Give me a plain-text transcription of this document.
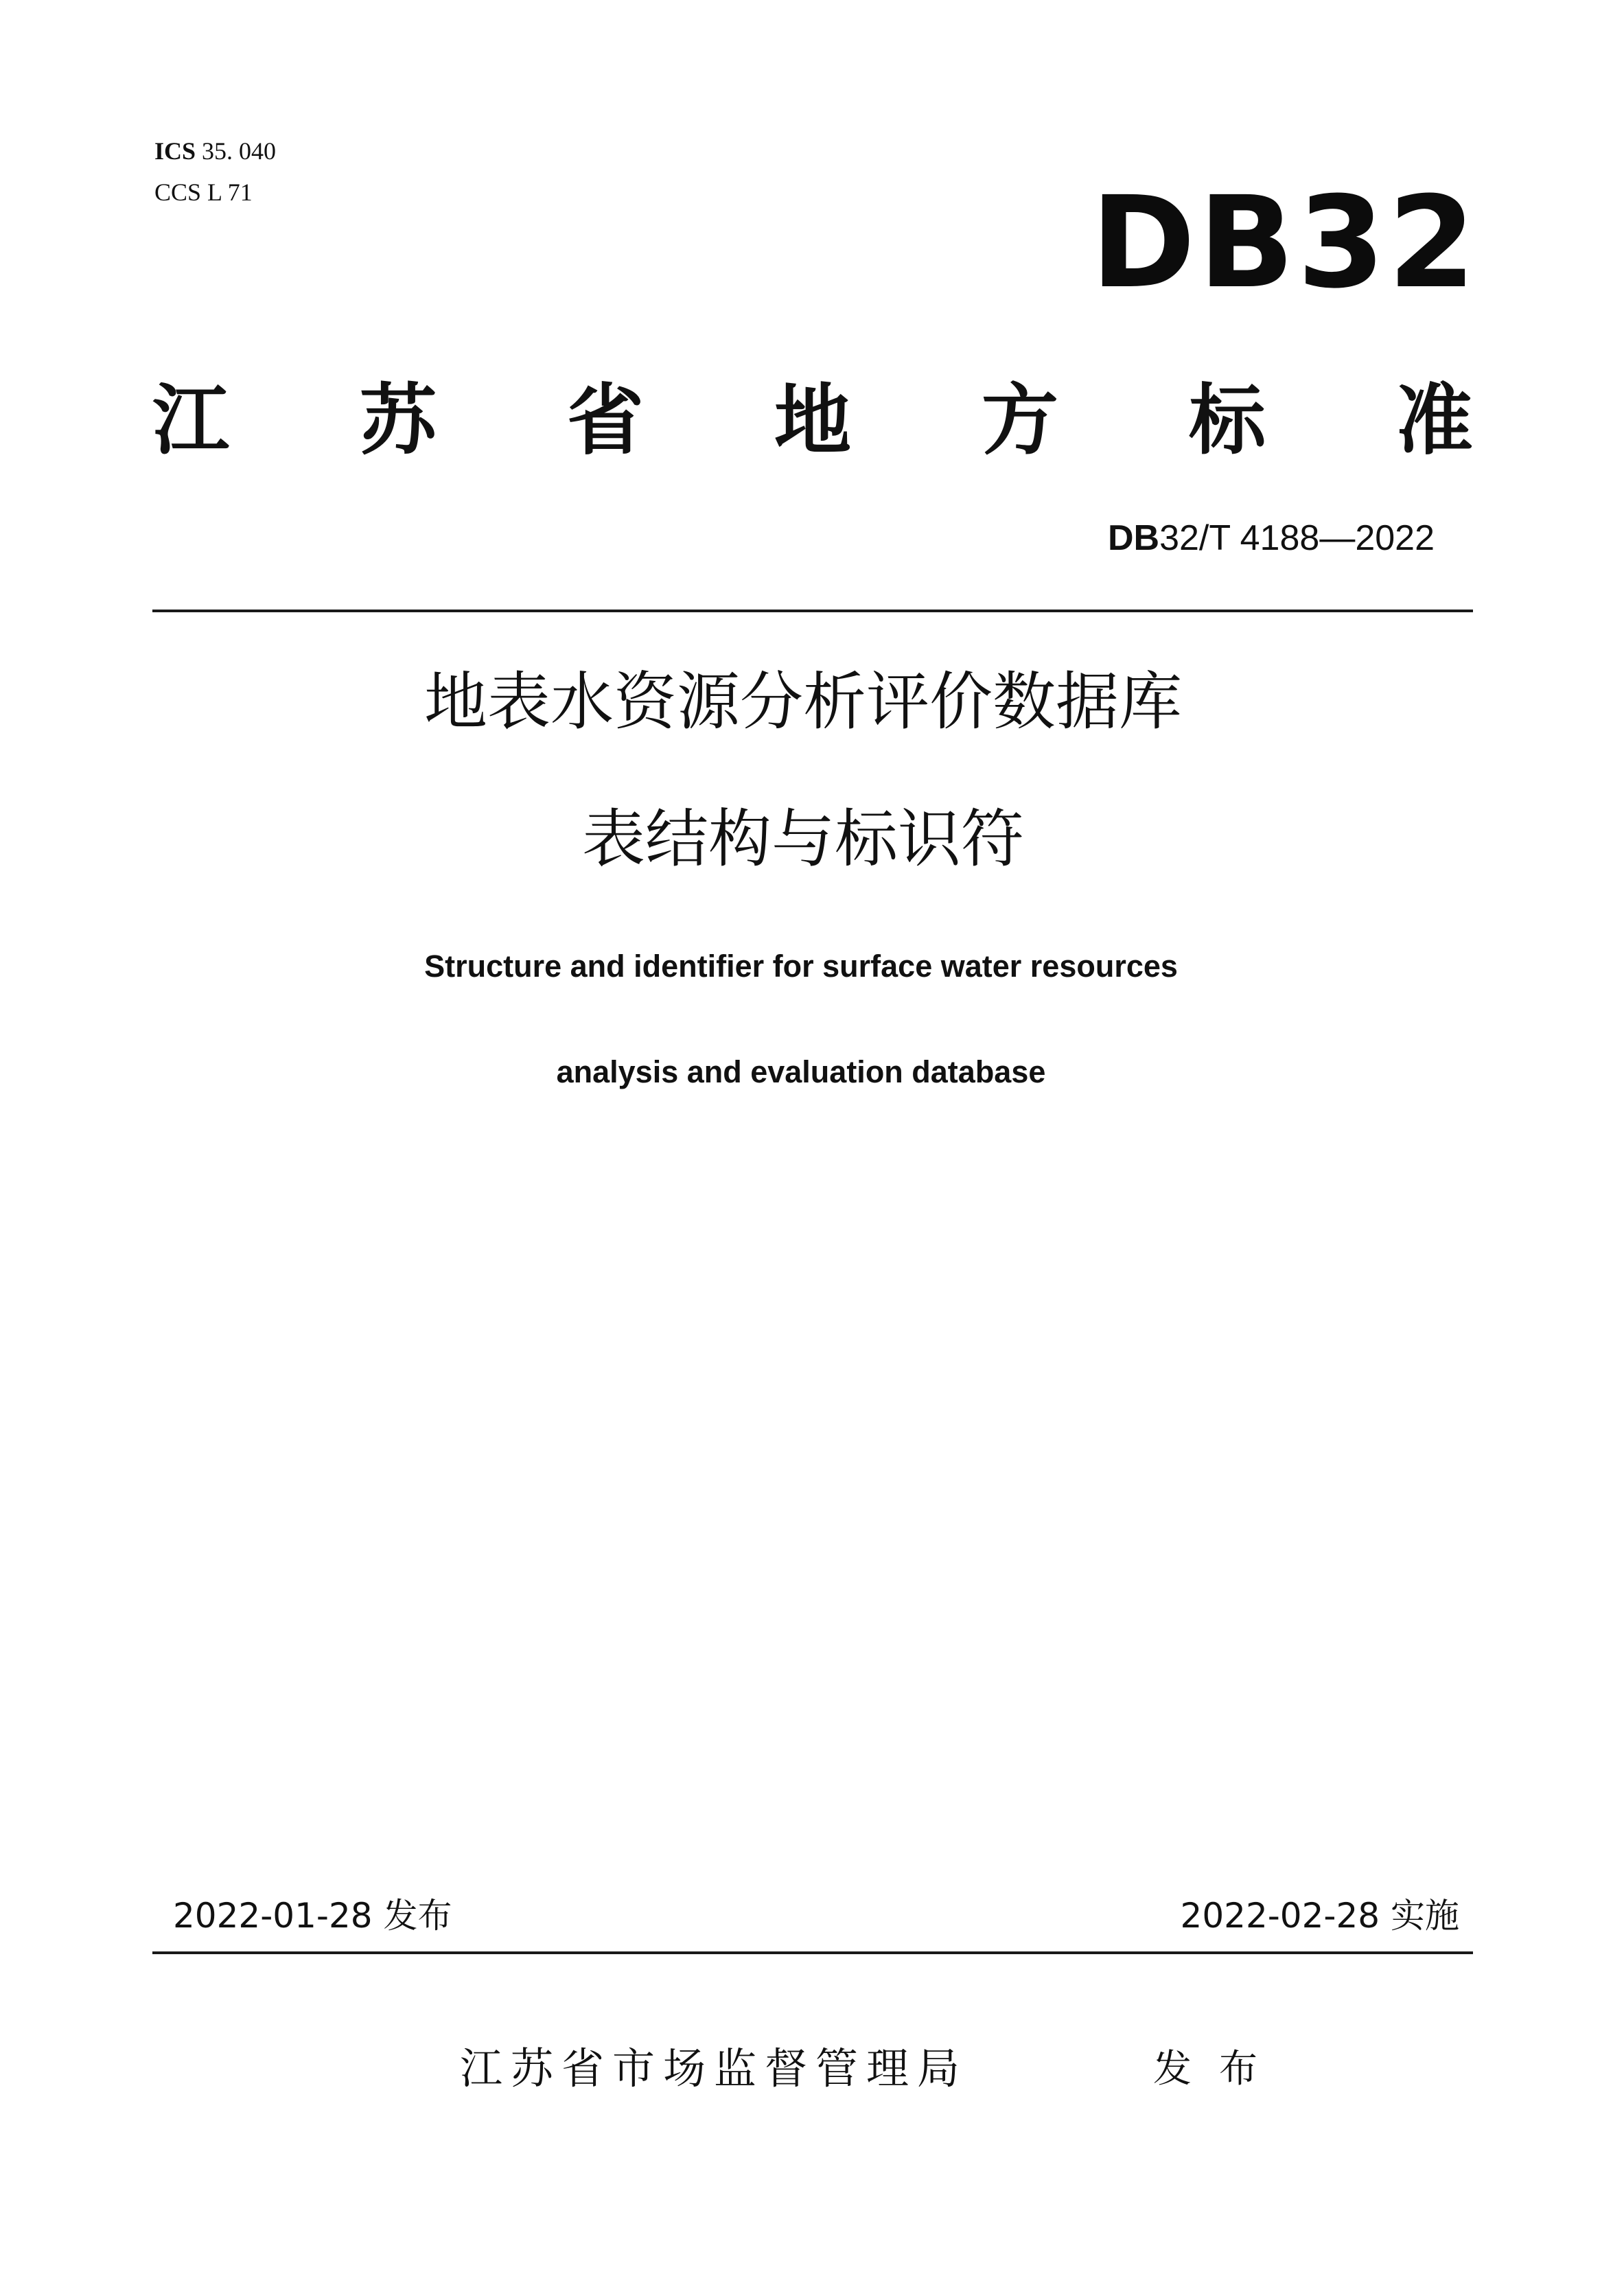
ICS 35. 040
CCS L 71	DB32
江 苏 省 地 方 标 准
DB32/T 4188—2022
地表水资源分析评价数据库
表结构与标识符
Structure and identifier for surface water resources
analysis and evaluation database
2022-01-28 发布	2022-02-28 实施
江苏省市场监督管理局	发布
